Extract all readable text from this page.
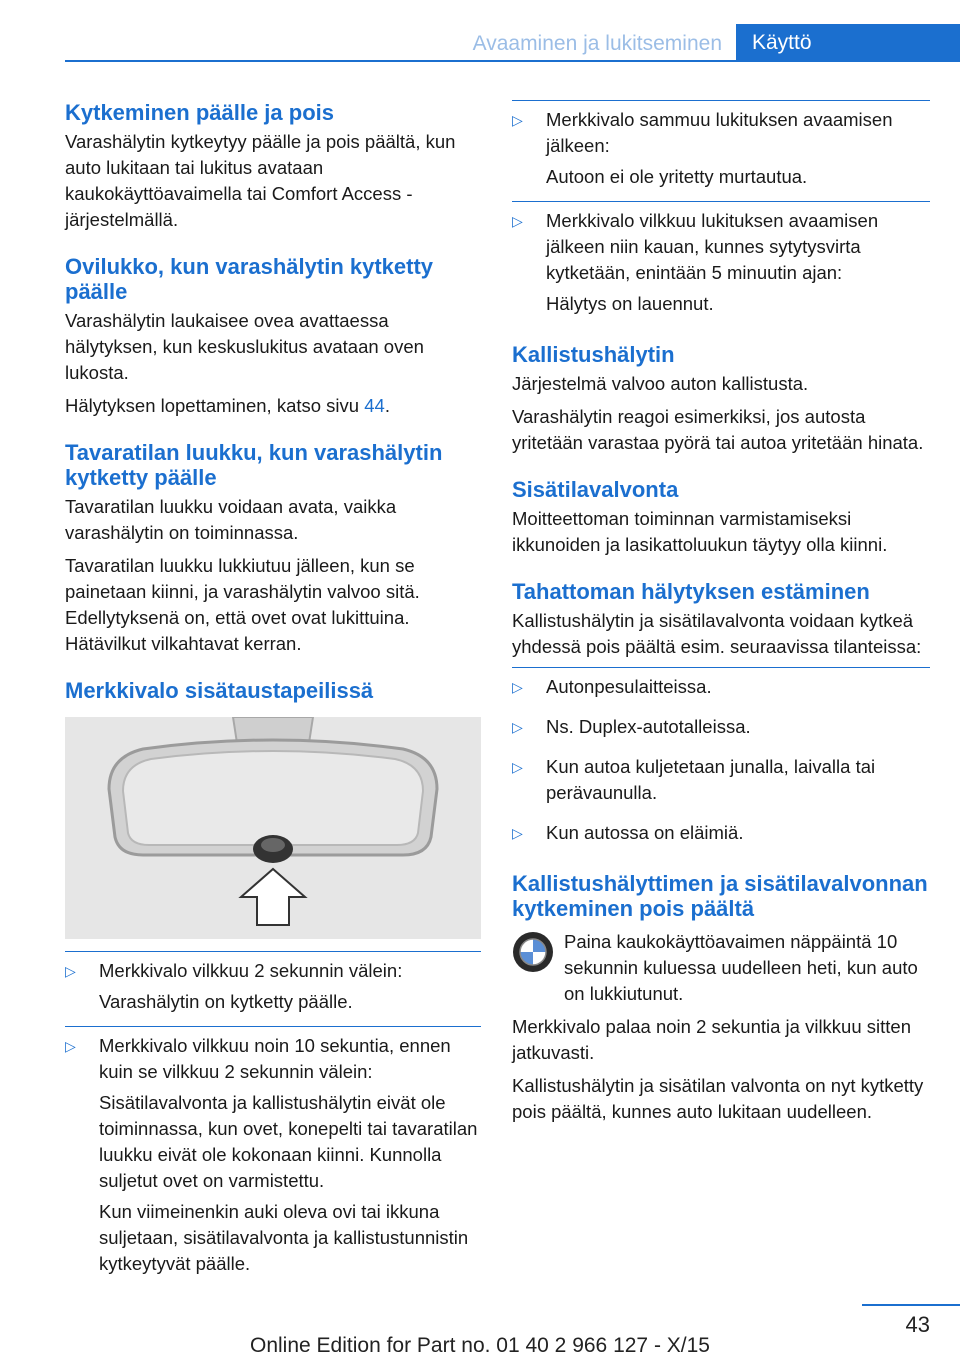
Avaaminen ja lukitseminen	Käyttö
Kytkeminen päälle ja pois

Varashälytin kytkeytyy päälle ja pois päältä, kun auto lukitaan tai lukitus avataan kaukokäyttöavaimella tai Comfort Access -järjestelmällä.

Ovilukko, kun varashälytin kytketty päälle

Varashälytin laukaisee ovea avattaessa hälytyksen, kun keskuslukitus avataan oven lukosta.

Hälytyksen lopettaminen, katso sivu 44.

Tavaratilan luukku, kun varashälytin kytketty päälle

Tavaratilan luukku voidaan avata, vaikka varashälytin on toiminnassa.

Tavaratilan luukku lukkiutuu jälleen, kun se painetaan kiinni, ja varashälytin valvoo sitä. Edellytyksenä on, että ovet ovat lukittuina. Hätävilkut vilkahtavat kerran.

Merkkivalo sisätaustapeilissä
▷	Merkkivalo vilkkuu 2 sekunnin välein:

Varashälytin on kytketty päälle.

▷	Merkkivalo vilkkuu noin 10 sekuntia, ennen kuin se vilkkuu 2 sekunnin välein:

Sisätilavalvonta ja kallistushälytin eivät ole toiminnassa, kun ovet, konepelti tai tavaratilan luukku eivät ole kokonaan kiinni. Kunnolla suljetut ovet on varmistettu.

Kun viimeinenkin auki oleva ovi tai ikkuna suljetaan, sisätilavalvonta ja kallistustunnistin kytkeytyvät päälle.

▷	Merkkivalo sammuu lukituksen avaamisen jälkeen:

Autoon ei ole yritetty murtautua.

▷	Merkkivalo vilkkuu lukituksen avaamisen jälkeen niin kauan, kunnes sytytysvirta kytketään, enintään 5 minuutin ajan:

Hälytys on lauennut.

Kallistushälytin

Järjestelmä valvoo auton kallistusta.

Varashälytin reagoi esimerkiksi, jos autosta yritetään varastaa pyörä tai autoa yritetään hinata.

Sisätilavalvonta

Moitteettoman toiminnan varmistamiseksi ikkunoiden ja lasikattoluukun täytyy olla kiinni.

Tahattoman hälytyksen estäminen

Kallistushälytin ja sisätilavalvonta voidaan kytkeä yhdessä pois päältä esim. seuraavissa tilanteissa:

▷	Autonpesulaitteissa.

▷	Ns. Duplex-autotalleissa.

▷	Kun autoa kuljetetaan junalla, laivalla tai perävaunulla.

▷	Kun autossa on eläimiä.

Kallistushälyttimen ja sisätilavalvonnan kytkeminen pois päältä

Paina kaukokäyttöavaimen näppäintä 10 sekunnin kuluessa uudelleen heti, kun auto on lukkiutunut.

Merkkivalo palaa noin 2 sekuntia ja vilkkuu sitten jatkuvasti.

Kallistushälytin ja sisätilan valvonta on nyt kytketty pois päältä, kunnes auto lukitaan uudelleen.

43
Online Edition for Part no. 01 40 2 966 127 - X/15
